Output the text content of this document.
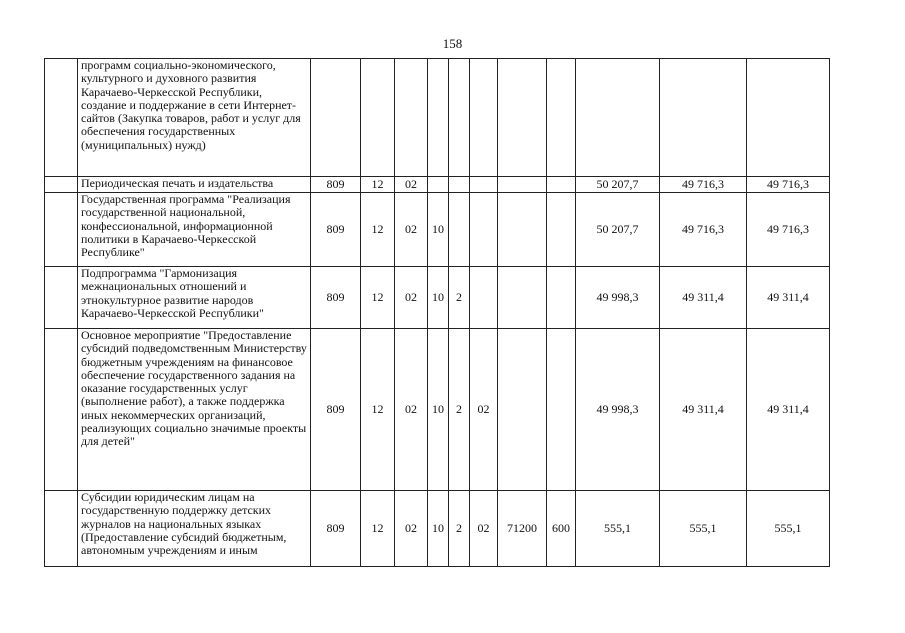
158
	программ социально-экономического, культурного и духовного развития Карачаево-Черкесской Республики, создание и поддержание в сети Интернет-сайтов (Закупка товаров, работ и услуг для обеспечения государственных (муниципальных) нужд)											
	Периодическая печать и издательства	809	12	02						50 207,7	49 716,3	49 716,3
	Государственная программа "Реализация государственной национальной, конфессиональной, информационной политики в Карачаево-Черкесской Республике"	809	12	02	10					50 207,7	49 716,3	49 716,3
	Подпрограмма "Гармонизация межнациональных отношений и этнокультурное развитие народов Карачаево-Черкесской Республики"	809	12	02	10	2				49 998,3	49 311,4	49 311,4
	Основное мероприятие "Предоставление субсидий подведомственным Министерству бюджетным учреждениям на финансовое обеспечение государственного задания на оказание государственных услуг (выполнение работ), а также поддержка иных некоммерческих организаций, реализующих социально значимые проекты для детей"	809	12	02	10	2	02			49 998,3	49 311,4	49 311,4
	Субсидии юридическим лицам на государственную поддержку детских журналов на национальных языках (Предоставление субсидий бюджетным, автономным учреждениям и иным	809	12	02	10	2	02	71200	600	555,1	555,1	555,1
